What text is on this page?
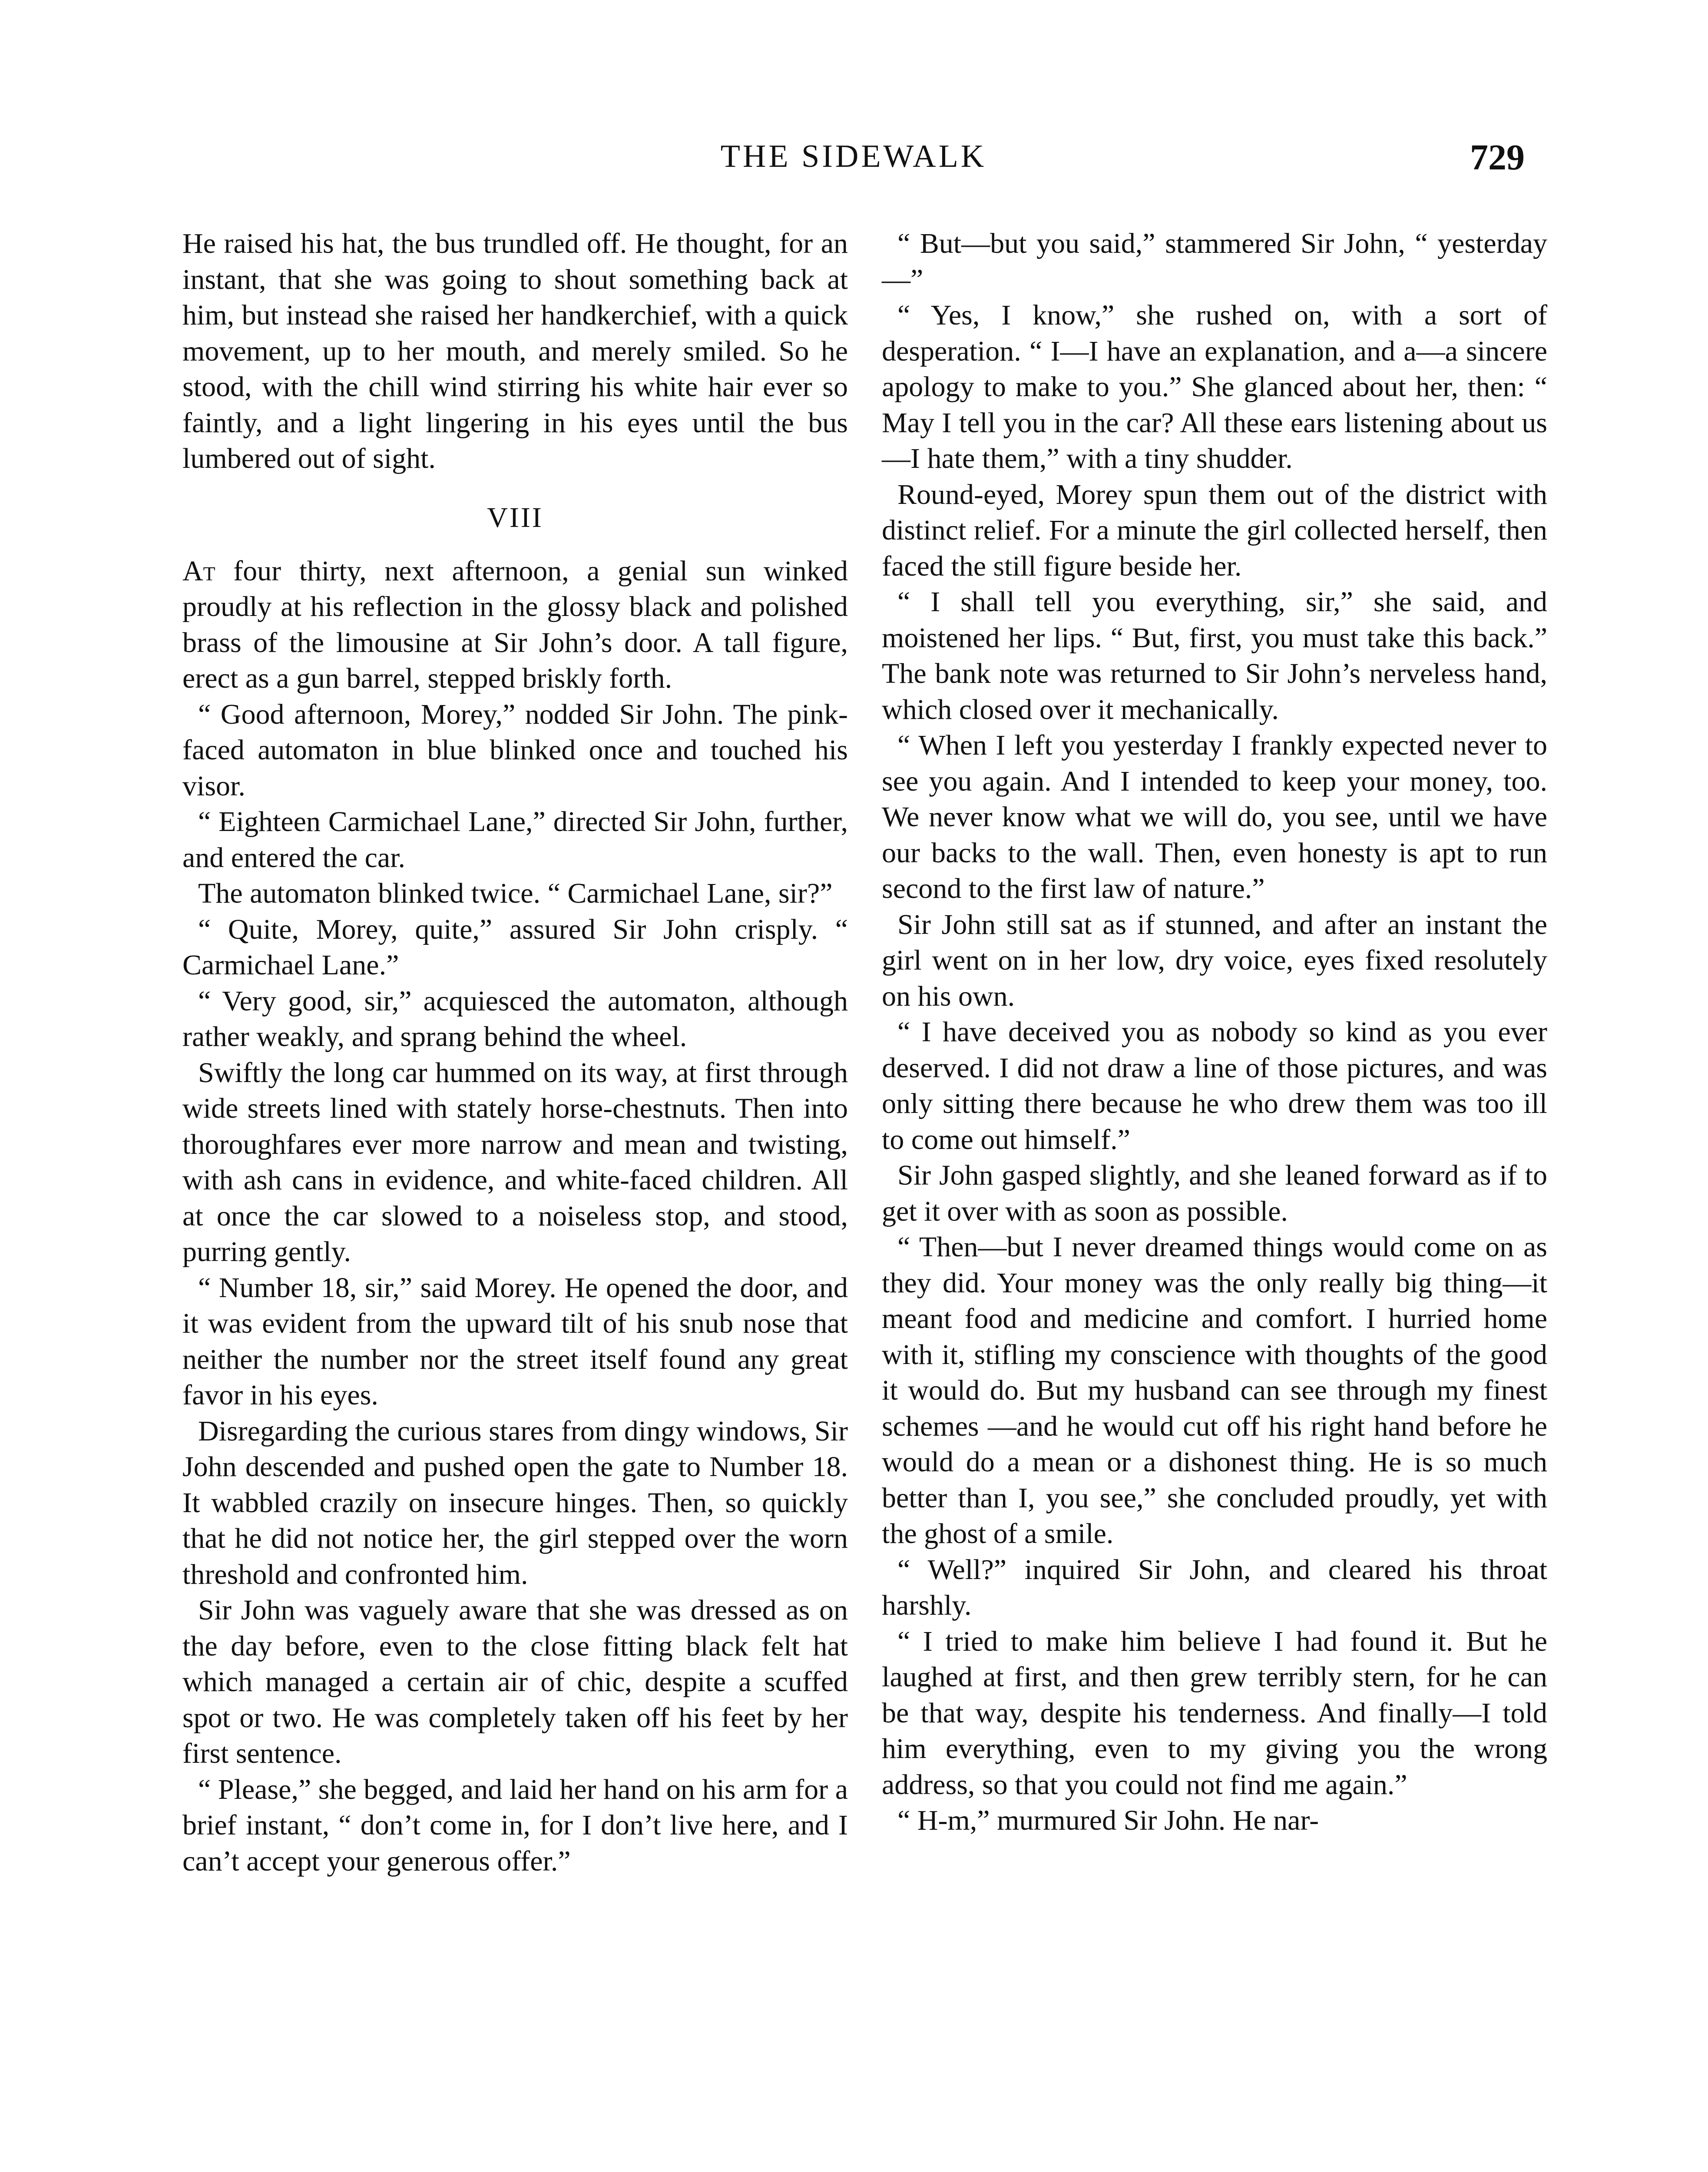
THE SIDEWALK	729

He raised his hat, the bus trundled off. He thought, for an instant, that she was going to shout something back at him, but instead she raised her handkerchief, with a quick movement, up to her mouth, and merely smiled. So he stood, with the chill wind stirring his white hair ever so faintly, and a light lingering in his eyes until the bus lumbered out of sight.

VIII

At four thirty, next afternoon, a genial sun winked proudly at his reflection in the glossy black and polished brass of the limousine at Sir John’s door. A tall figure, erect as a gun barrel, stepped briskly forth.

“ Good afternoon, Morey,” nodded Sir John. The pink-faced automaton in blue blinked once and touched his visor.

“ Eighteen Carmichael Lane,” directed Sir John, further, and entered the car.

The automaton blinked twice. “ Carmichael Lane, sir?”

“ Quite, Morey, quite,” assured Sir John crisply. “ Carmichael Lane.”

“ Very good, sir,” acquiesced the automaton, although rather weakly, and sprang behind the wheel.

Swiftly the long car hummed on its way, at first through wide streets lined with stately horse-chestnuts. Then into thoroughfares ever more narrow and mean and twisting, with ash cans in evidence, and white-faced children. All at once the car slowed to a noiseless stop, and stood, purring gently.

“ Number 18, sir,” said Morey. He opened the door, and it was evident from the upward tilt of his snub nose that neither the number nor the street itself found any great favor in his eyes.

Disregarding the curious stares from dingy windows, Sir John descended and pushed open the gate to Number 18. It wabbled crazily on insecure hinges. Then, so quickly that he did not notice her, the girl stepped over the worn threshold and confronted him.

Sir John was vaguely aware that she was dressed as on the day before, even to the close fitting black felt hat which managed a certain air of chic, despite a scuffed spot or two. He was completely taken off his feet by her first sentence.

“ Please,” she begged, and laid her hand on his arm for a brief instant, “ don’t come in, for I don’t live here, and I can’t accept your generous offer.”

“ But—but you said,” stammered Sir John, “ yesterday—”

“ Yes, I know,” she rushed on, with a sort of desperation. “ I—I have an explanation, and a—a sincere apology to make to you.” She glanced about her, then: “ May I tell you in the car? All these ears listening about us—I hate them,” with a tiny shudder.

Round-eyed, Morey spun them out of the district with distinct relief. For a minute the girl collected herself, then faced the still figure beside her.

“ I shall tell you everything, sir,” she said, and moistened her lips. “ But, first, you must take this back.” The bank note was returned to Sir John’s nerveless hand, which closed over it mechanically.

“ When I left you yesterday I frankly expected never to see you again. And I intended to keep your money, too. We never know what we will do, you see, until we have our backs to the wall. Then, even honesty is apt to run second to the first law of nature.”

Sir John still sat as if stunned, and after an instant the girl went on in her low, dry voice, eyes fixed resolutely on his own.

“ I have deceived you as nobody so kind as you ever deserved. I did not draw a line of those pictures, and was only sitting there because he who drew them was too ill to come out himself.”

Sir John gasped slightly, and she leaned forward as if to get it over with as soon as possible.

“ Then—but I never dreamed things would come on as they did. Your money was the only really big thing—it meant food and medicine and comfort. I hurried home with it, stifling my conscience with thoughts of the good it would do. But my husband can see through my finest schemes —and he would cut off his right hand before he would do a mean or a dishonest thing. He is so much better than I, you see,” she concluded proudly, yet with the ghost of a smile.

“ Well?” inquired Sir John, and cleared his throat harshly.

“ I tried to make him believe I had found it. But he laughed at first, and then grew terribly stern, for he can be that way, despite his tenderness. And finally—I told him everything, even to my giving you the wrong address, so that you could not find me again.”

“ H-m,” murmured Sir John. He nar-
